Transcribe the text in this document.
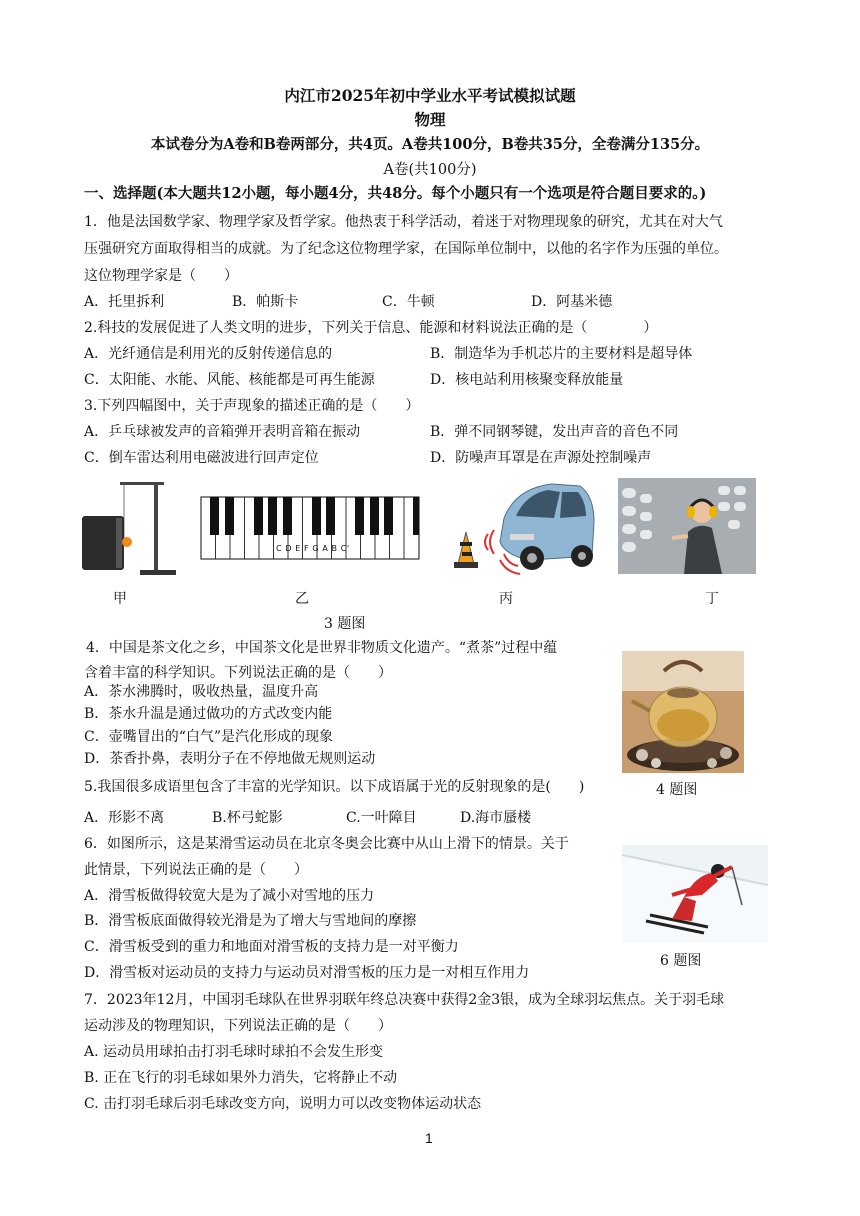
内江市2025年初中学业水平考试模拟试题
物理
本试卷分为A卷和B卷两部分，共4页。A卷共100分，B卷共35分，全卷满分135分。
A卷(共100分)
一、选择题(本大题共12小题，每小题4分，共48分。每个小题只有一个选项是符合题目要求的。)
1．他是法国数学家、物理学家及哲学家。他热衷于科学活动，着迷于对物理现象的研究，尤其在对大气
压强研究方面取得相当的成就。为了纪念这位物理学家，在国际单位制中，以他的名字作为压强的单位。
这位物理学家是（　　）
A．托里拆利	B．帕斯卡	C．牛顿	D．阿基米德
2.科技的发展促进了人类文明的进步，下列关于信息、能源和材料说法正确的是（　　　　）
A．光纤通信是利用光的反射传递信息的	B．制造华为手机芯片的主要材料是超导体
C．太阳能、水能、风能、核能都是可再生能源	D．核电站利用核聚变释放能量
3.下列四幅图中，关于声现象的描述正确的是（　　）
A．乒乓球被发声的音箱弹开表明音箱在振动	B．弹不同钢琴键，发出声音的音色不同
C．倒车雷达利用电磁波进行回声定位	D．防噪声耳罩是在声源处控制噪声
C D E F G A B C'
甲	乙	丙	丁
3 题图
4．中国是茶文化之乡，中国茶文化是世界非物质文化遗产。“煮茶”过程中蕴
含着丰富的科学知识。下列说法正确的是（　　）
A．茶水沸腾时，吸收热量，温度升高
B．茶水升温是通过做功的方式改变内能
C．壶嘴冒出的“白气”是汽化形成的现象
D．茶香扑鼻，表明分子在不停地做无规则运动
4 题图
5.我国很多成语里包含了丰富的光学知识。以下成语属于光的反射现象的是(　　)
A．形影不离	B.杯弓蛇影	C.一叶障目	D.海市蜃楼
6．如图所示，这是某滑雪运动员在北京冬奥会比赛中从山上滑下的情景。关于
此情景，下列说法正确的是（　　）
A．滑雪板做得较宽大是为了减小对雪地的压力
B．滑雪板底面做得较光滑是为了增大与雪地间的摩擦
C．滑雪板受到的重力和地面对滑雪板的支持力是一对平衡力
D．滑雪板对运动员的支持力与运动员对滑雪板的压力是一对相互作用力
6 题图
7．2023年12月，中国羽毛球队在世界羽联年终总决赛中获得2金3银，成为全球羽坛焦点。关于羽毛球
运动涉及的物理知识，下列说法正确的是（　　）
A. 运动员用球拍击打羽毛球时球拍不会发生形变
B. 正在飞行的羽毛球如果外力消失，它将静止不动
C. 击打羽毛球后羽毛球改变方向，说明力可以改变物体运动状态
1
